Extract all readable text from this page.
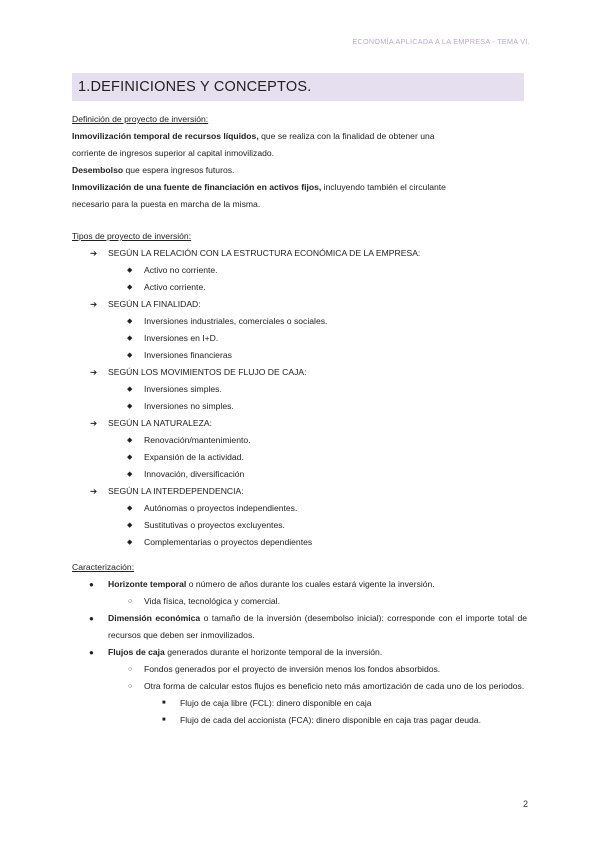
ECONOMÍA APLICADA A LA EMPRESA - TEMA VI.
1.DEFINICIONES Y CONCEPTOS.
Definición de proyecto de inversión:
Inmovilización temporal de recursos líquidos, que se realiza con la finalidad de obtener una
corriente de ingresos superior al capital inmovilizado.
Desembolso que espera ingresos futuros.
Inmovilización de una fuente de financiación en activos fijos, incluyendo también el circulante
necesario para la puesta en marcha de la misma.
Tipos de proyecto de inversión:
➔ SEGÚN LA RELACIÓN CON LA ESTRUCTURA ECONÓMICA DE LA EMPRESA:
◆ Activo no corriente.
◆ Activo corriente.
➔ SEGÚN LA FINALIDAD:
◆ Inversiones industriales, comerciales o sociales.
◆ Inversiones en I+D.
◆ Inversiones financieras
➔ SEGÚN LOS MOVIMIENTOS DE FLUJO DE CAJA:
◆ Inversiones simples.
◆ Inversiones no simples.
➔ SEGÚN LA NATURALEZA:
◆ Renovación/mantenimiento.
◆ Expansión de la actividad.
◆ Innovación, diversificación
➔ SEGÚN LA INTERDEPENDENCIA:
◆ Autónomas o proyectos independientes.
◆ Sustitutivas o proyectos excluyentes.
◆ Complementarias o proyectos dependientes
Caracterización:
● Horizonte temporal o número de años durante los cuales estará vigente la inversión.
○ Vida física, tecnológica y comercial.
● Dimensión económica o tamaño de la inversión (desembolso inicial): corresponde con el importe total de recursos que deben ser inmovilizados.
● Flujos de caja generados durante el horizonte temporal de la inversión.
○ Fondos generados por el proyecto de inversión menos los fondos absorbidos.
○ Otra forma de calcular estos flujos es beneficio neto más amortización de cada uno de los periodos.
■ Flujo de caja libre (FCL): dinero disponible en caja
■ Flujo de cada del accionista (FCA): dinero disponible en caja tras pagar deuda.
2
